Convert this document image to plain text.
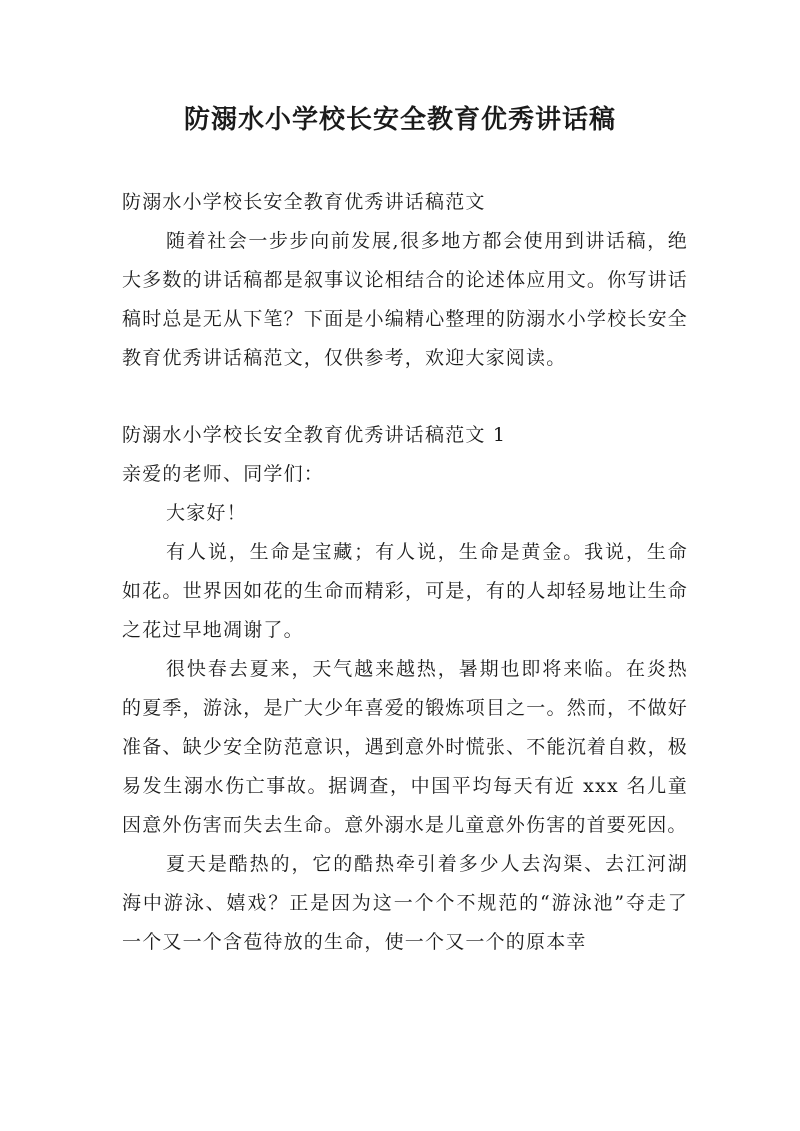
防溺水小学校长安全教育优秀讲话稿

防溺水小学校长安全教育优秀讲话稿范文

随着社会一步步向前发展,很多地方都会使用到讲话稿，绝大多数的讲话稿都是叙事议论相结合的论述体应用文。你写讲话稿时总是无从下笔？下面是小编精心整理的防溺水小学校长安全教育优秀讲话稿范文，仅供参考，欢迎大家阅读。

防溺水小学校长安全教育优秀讲话稿范文 1

亲爱的老师、同学们：

大家好！

有人说，生命是宝藏；有人说，生命是黄金。我说，生命如花。世界因如花的生命而精彩，可是，有的人却轻易地让生命之花过早地凋谢了。

很快春去夏来，天气越来越热，暑期也即将来临。在炎热的夏季，游泳，是广大少年喜爱的锻炼项目之一。然而，不做好准备、缺少安全防范意识，遇到意外时慌张、不能沉着自救，极易发生溺水伤亡事故。据调查，中国平均每天有近 xxx 名儿童因意外伤害而失去生命。意外溺水是儿童意外伤害的首要死因。

夏天是酷热的，它的酷热牵引着多少人去沟渠、去江河湖海中游泳、嬉戏？正是因为这一个个不规范的“游泳池”夺走了一个又一个含苞待放的生命，使一个又一个的原本幸
